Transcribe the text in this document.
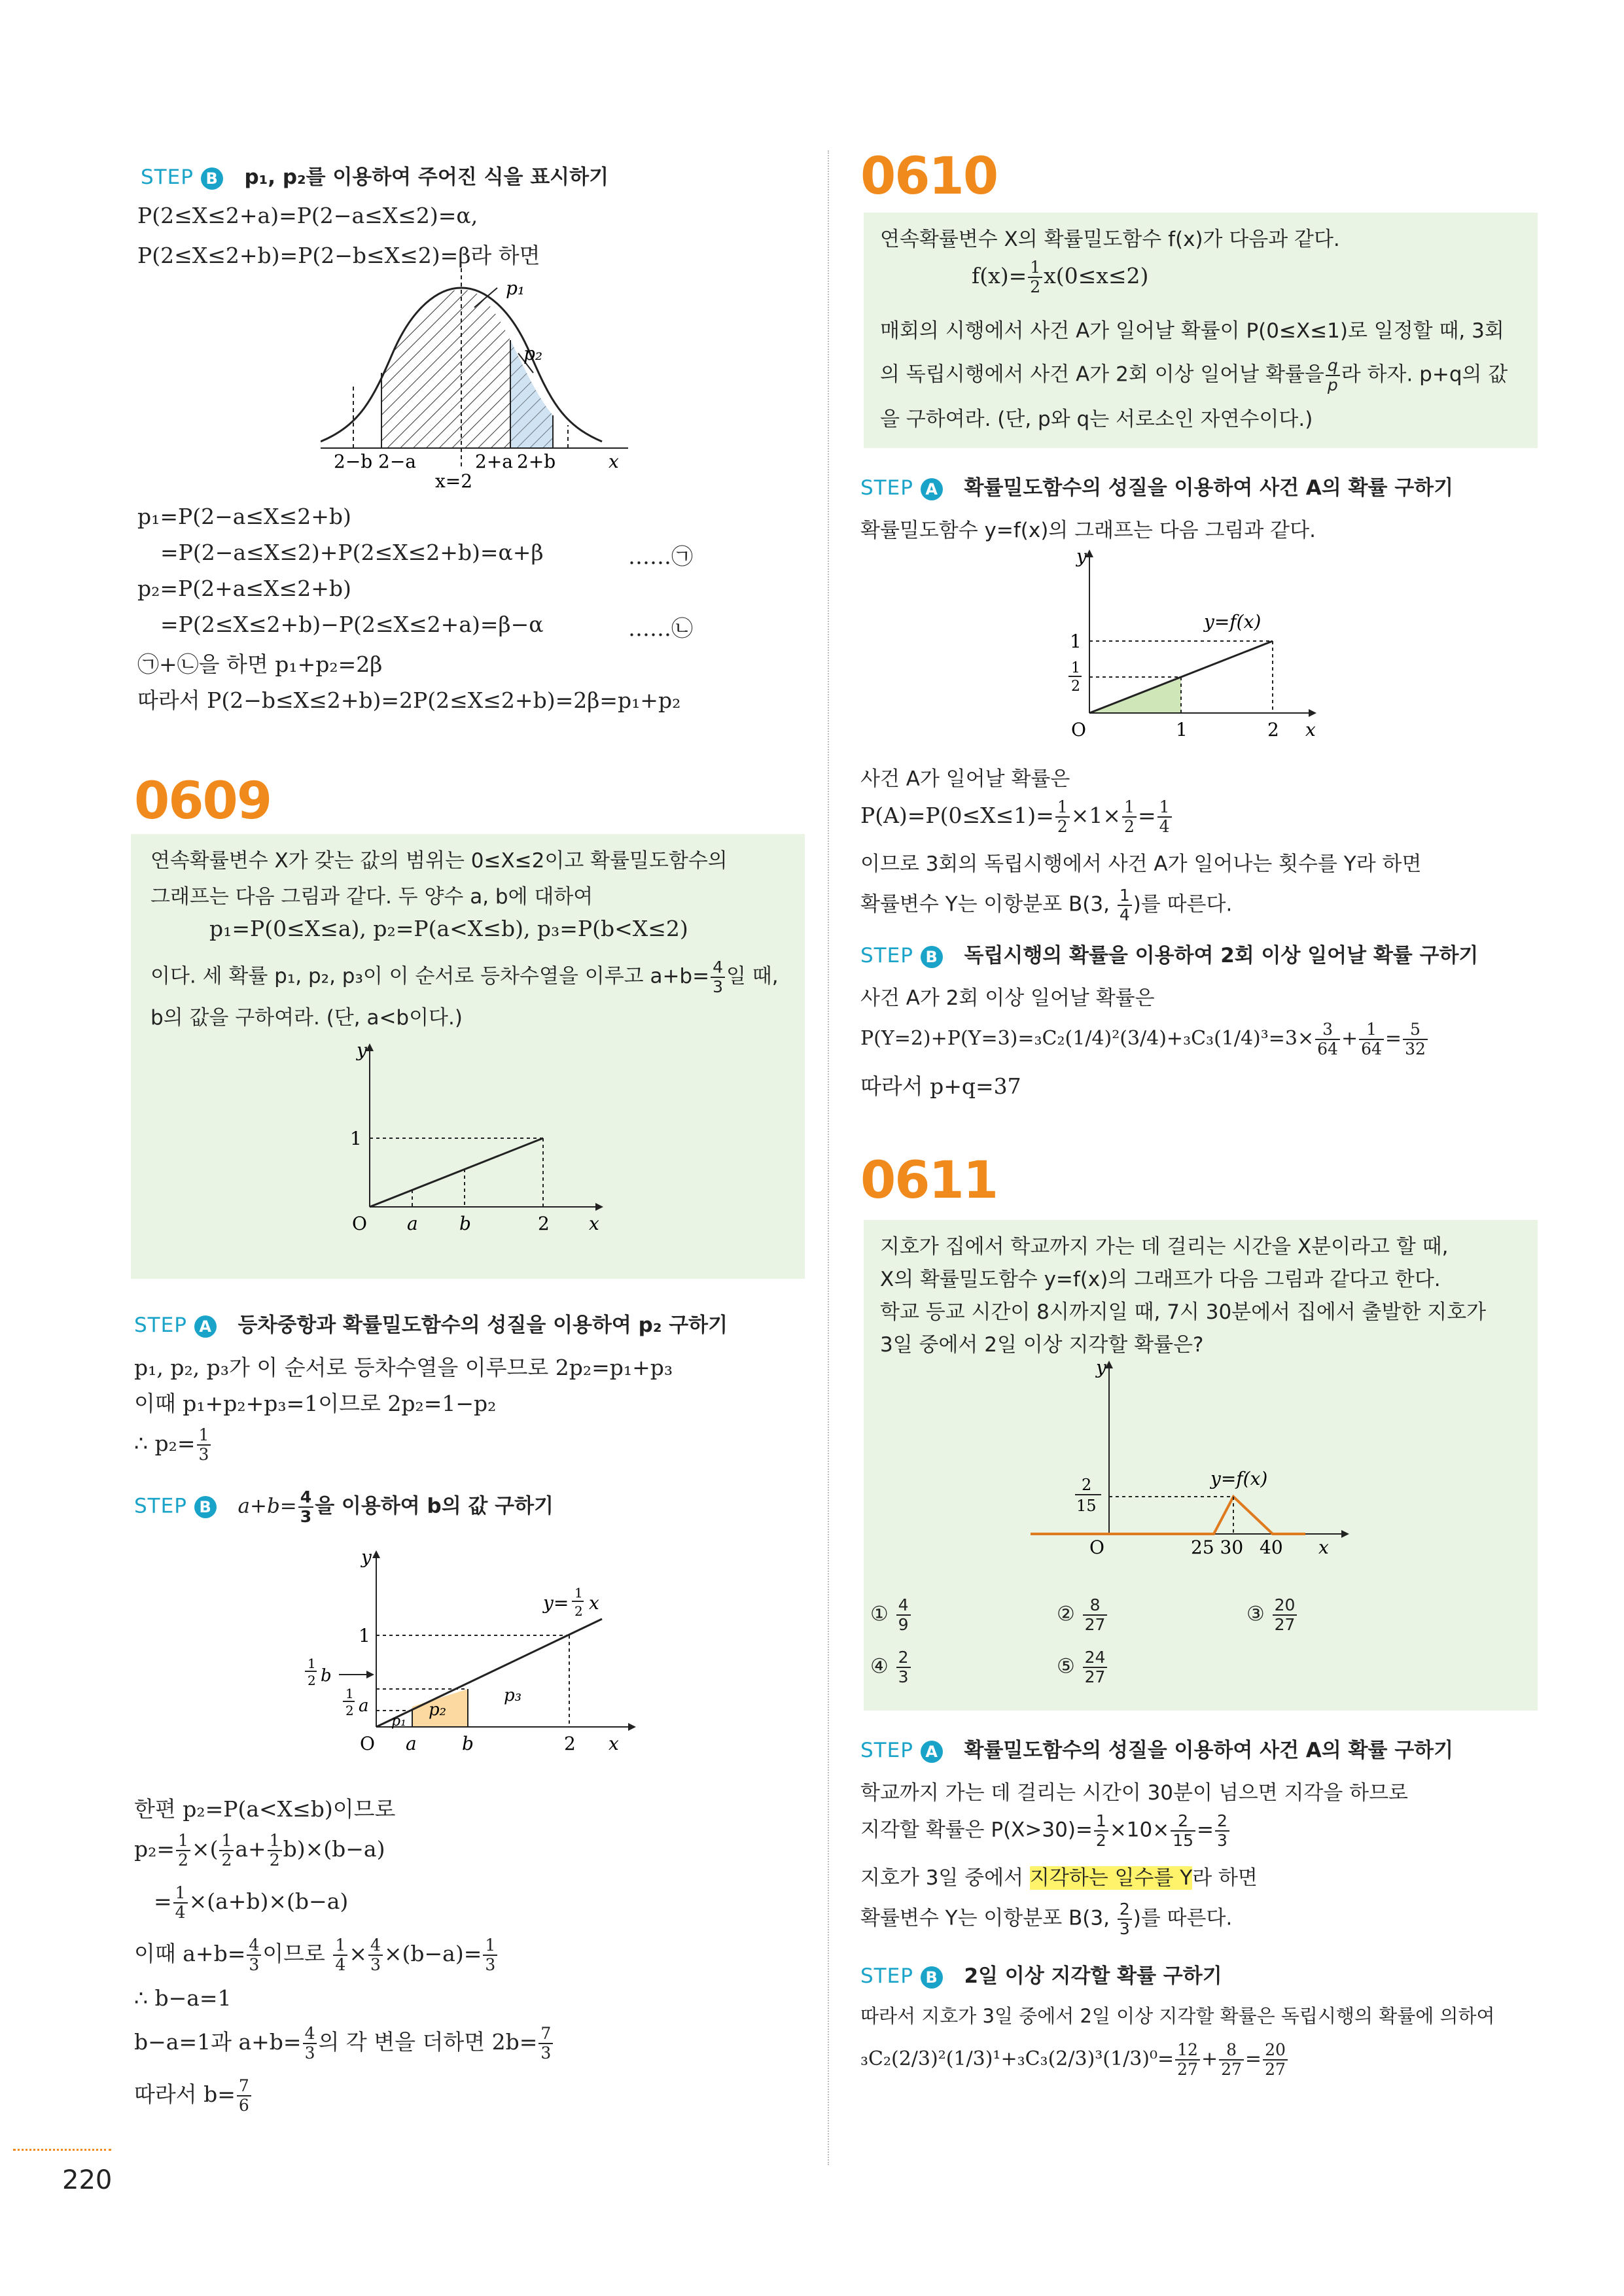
STEP B p₁, p₂를 이용하여 주어진 식을 표시하기
P(2≤X≤2+a)=P(2−a≤X≤2)=α,
P(2≤X≤2+b)=P(2−b≤X≤2)=β라 하면
p₁
p₂
2−b 2−a	2+a 2+b	x
x=2
p₁=P(2−a≤X≤2+b)
=P(2−a≤X≤2)+P(2≤X≤2+b)=α+β	……㉠
p₂=P(2+a≤X≤2+b)
=P(2≤X≤2+b)−P(2≤X≤2+a)=β−α	……㉡
㉠+㉡을 하면 p₁+p₂=2β
따라서 P(2−b≤X≤2+b)=2P(2≤X≤2+b)=2β=p₁+p₂
0609
연속확률변수 X가 갖는 값의 범위는 0≤X≤2이고 확률밀도함수의
그래프는 다음 그림과 같다. 두 양수 a, b에 대하여
p₁=P(0≤X≤a), p₂=P(a<X≤b), p₃=P(b<X≤2)
이다. 세 확률 p₁, p₂, p₃이 이 순서로 등차수열을 이루고 $a+b= \frac{4}{3}$ 일 때,
b의 값을 구하여라. (단, a<b이다.)
y
1
O a b	2 x
STEP A 등차중항과 확률밀도함수의 성질을 이용하여 p₂ 구하기
p₁, p₂, p₃가 이 순서로 등차수열을 이루므로 2p₂=p₁+p₃
이때 p₁+p₂+p₃=1이므로 2p₂=1−p₂
∴ $p_2= \frac{1}{3}$
STEP B $a+b= \frac{4}{3}$ 을 이용하여 b의 값 구하기
y
y= 1
2 x
1
1
2 b
1
2 a
p₁
p₂
p₃
O a b	2 x
한편 p₂=P(a<X≤b)이므로
$p_2= \frac{1}{2}$ ×( $\frac{1}{2} a+ \frac{1}{2} b)\times(b-a)$
= $\frac{1}{4} \times(a+b)\times(b-a)$
이때 $a+b= \frac{4}{3}$ 이므로 $\frac{1}{4} \times \frac{4}{3} \times(b-a)= \frac{1}{3}$
∴ b−a=1
b−a=1과 $a+b= \frac{4}{3}$ 의 각 변을 더하면 $2b= \frac{7}{3}$
따라서 $b= \frac{7}{6}$
220
0610
연속확률변수 X의 확률밀도함수 f(x)가 다음과 같다.
$f(x)= \frac{1}{2} x(0\le x\le 2)$
매회의 시행에서 사건 A가 일어날 확률이 P(0≤X≤1)로 일정할 때, 3회
의 독립시행에서 사건 A가 2회 이상 일어날 확률을 $\frac{q}{p}$ 라 하자. p+q의 값
을 구하여라. (단, p와 q는 서로소인 자연수이다.)
STEP A 확률밀도함수의 성질을 이용하여 사건 A의 확률 구하기
확률밀도함수 y=f(x)의 그래프는 다음 그림과 같다.
y
y=f(x)
1
1
2
O	1	2 x
사건 A가 일어날 확률은
$P(A)=P(0\le X\le 1)= \frac{1}{2} \times 1\times \frac{1}{2} = \frac{1}{4}$
이므로 3회의 독립시행에서 사건 A가 일어나는 횟수를 Y라 하면
확률변수 Y는 이항분포 B(3, $\frac{1}{4}$ )를 따른다.
STEP B 독립시행의 확률을 이용하여 2회 이상 일어날 확률 구하기
사건 A가 2회 이상 일어날 확률은
$P(Y=2)+P(Y=3)=_3C_2(1/4)^2(3/4)+_3C_3(1/4)^3=3\times \frac{3}{64} + \frac{1}{64} = \frac{5}{32}$
따라서 p+q=37
0611
지호가 집에서 학교까지 가는 데 걸리는 시간을 X분이라고 할 때,
X의 확률밀도함수 y=f(x)의 그래프가 다음 그림과 같다고 한다.
학교 등교 시간이 8시까지일 때, 7시 30분에서 집에서 출발한 지호가
3일 중에서 2일 이상 지각할 확률은?
y
y=f(x)
2
15
O	25 30 40 x
① $\frac{4}{9}$	② $\frac{8}{27}$	③ $\frac{20}{27}$
④ $\frac{2}{3}$	⑤ $\frac{24}{27}$
STEP A 확률밀도함수의 성질을 이용하여 사건 A의 확률 구하기
학교까지 가는 데 걸리는 시간이 30분이 넘으면 지각을 하므로
지각할 확률은 $P(X>30)= \frac{1}{2} \times 10\times \frac{2}{15} = \frac{2}{3}$
지호가 3일 중에서 지각하는 일수를 Y라 하면
확률변수 Y는 이항분포 B(3, $\frac{2}{3}$ )를 따른다.
STEP B 2일 이상 지각할 확률 구하기
따라서 지호가 3일 중에서 2일 이상 지각할 확률은 독립시행의 확률에 의하여
$_3C_2(2/3)^2(1/3)^1+_3C_3(2/3)^3(1/3)^0= \frac{12}{27} + \frac{8}{27} = \frac{20}{27}$
